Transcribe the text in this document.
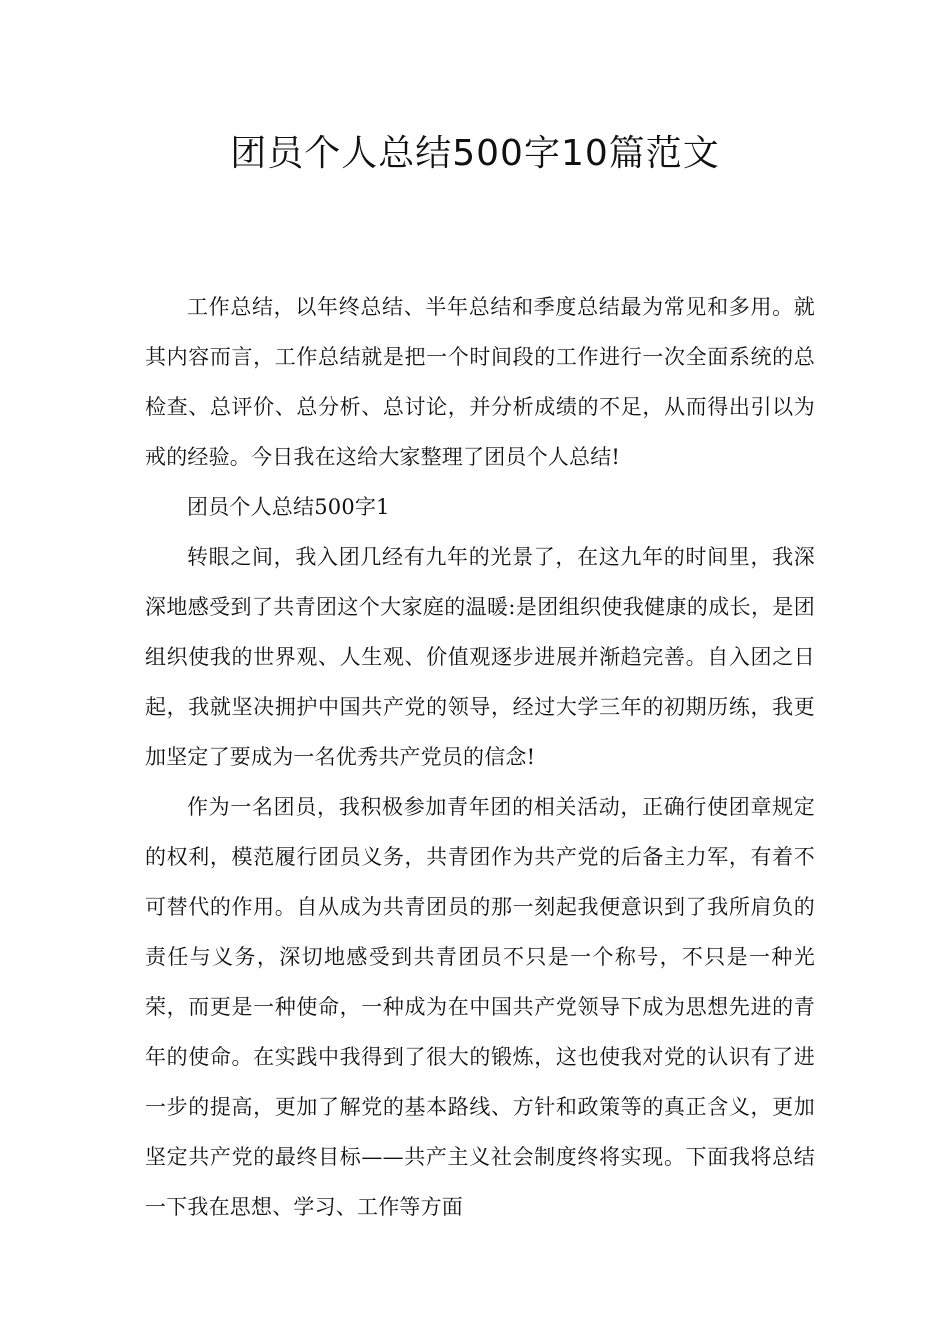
团员个人总结500字10篇范文

工作总结，以年终总结、半年总结和季度总结最为常见和多用。就其内容而言，工作总结就是把一个时间段的工作进行一次全面系统的总检查、总评价、总分析、总讨论，并分析成绩的不足，从而得出引以为戒的经验。今日我在这给大家整理了团员个人总结!

团员个人总结500字1

转眼之间，我入团几经有九年的光景了，在这九年的时间里，我深深地感受到了共青团这个大家庭的温暖:是团组织使我健康的成长，是团组织使我的世界观、人生观、价值观逐步进展并渐趋完善。自入团之日起，我就坚决拥护中国共产党的领导，经过大学三年的初期历练，我更加坚定了要成为一名优秀共产党员的信念!

作为一名团员，我积极参加青年团的相关活动，正确行使团章规定的权利，模范履行团员义务，共青团作为共产党的后备主力军，有着不可替代的作用。自从成为共青团员的那一刻起我便意识到了我所肩负的责任与义务，深切地感受到共青团员不只是一个称号，不只是一种光荣，而更是一种使命，一种成为在中国共产党领导下成为思想先进的青年的使命。在实践中我得到了很大的锻炼，这也使我对党的认识有了进一步的提高，更加了解党的基本路线、方针和政策等的真正含义，更加坚定共产党的最终目标——共产主义社会制度终将实现。下面我将总结一下我在思想、学习、工作等方面
